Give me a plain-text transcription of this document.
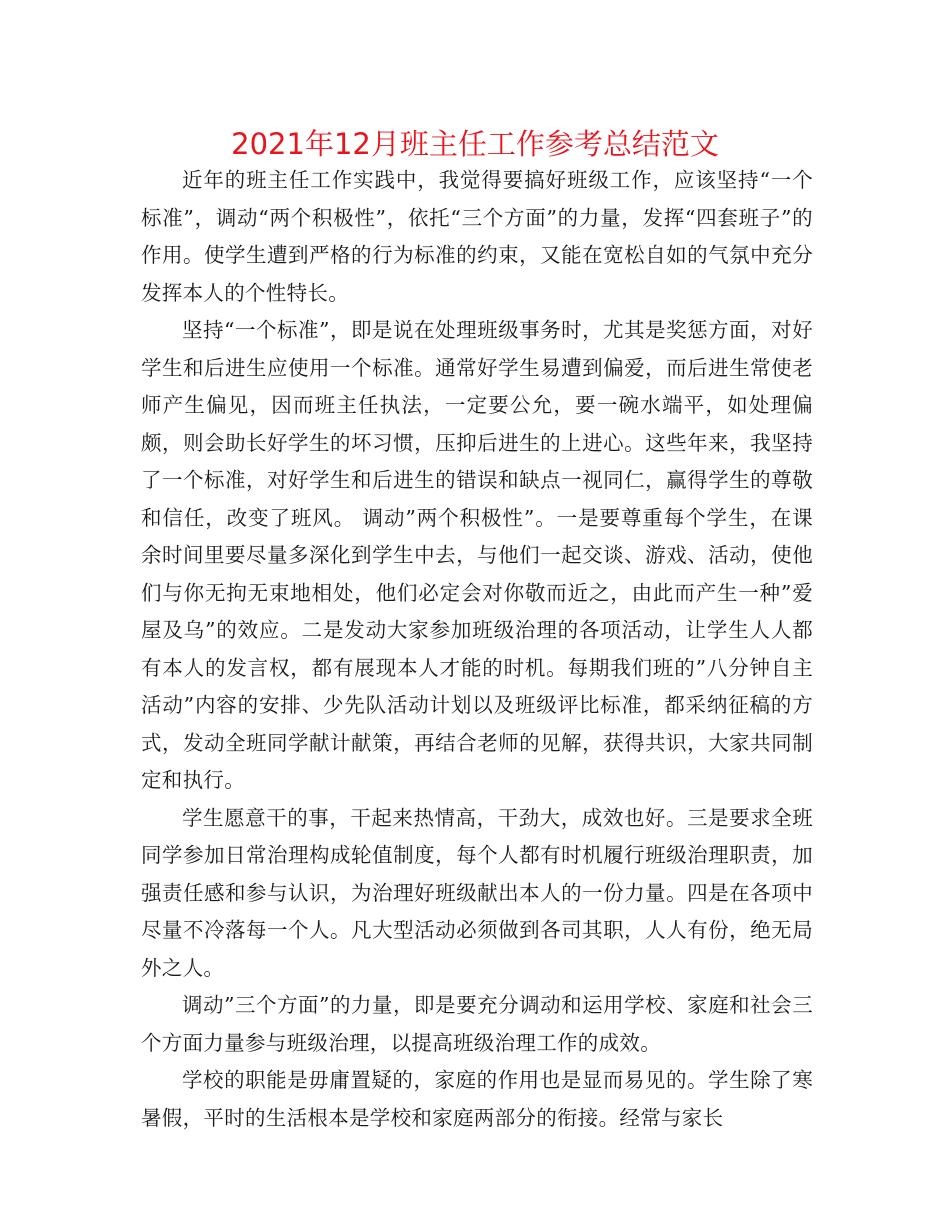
2021年12月班主任工作参考总结范文

近年的班主任工作实践中，我觉得要搞好班级工作，应该坚持“一个标准”，调动“两个积极性”，依托“三个方面”的力量，发挥“四套班子”的作用。使学生遭到严格的行为标准的约束，又能在宽松自如的气氛中充分发挥本人的个性特长。

坚持“一个标准”，即是说在处理班级事务时，尤其是奖惩方面，对好学生和后进生应使用一个标准。通常好学生易遭到偏爱，而后进生常使老师产生偏见，因而班主任执法，一定要公允，要一碗水端平，如处理偏颇，则会助长好学生的坏习惯，压抑后进生的上进心。这些年来，我坚持了一个标准，对好学生和后进生的错误和缺点一视同仁，赢得学生的尊敬和信任，改变了班风。 调动”两个积极性”。一是要尊重每个学生，在课余时间里要尽量多深化到学生中去，与他们一起交谈、游戏、活动，使他们与你无拘无束地相处，他们必定会对你敬而近之，由此而产生一种”爱屋及乌”的效应。二是发动大家参加班级治理的各项活动，让学生人人都有本人的发言权，都有展现本人才能的时机。每期我们班的”八分钟自主活动”内容的安排、少先队活动计划以及班级评比标准，都采纳征稿的方式，发动全班同学献计献策，再结合老师的见解，获得共识，大家共同制定和执行。

学生愿意干的事，干起来热情高，干劲大，成效也好。三是要求全班同学参加日常治理构成轮值制度，每个人都有时机履行班级治理职责，加强责任感和参与认识，为治理好班级献出本人的一份力量。四是在各项中尽量不冷落每一个人。凡大型活动必须做到各司其职，人人有份，绝无局外之人。

调动”三个方面”的力量，即是要充分调动和运用学校、家庭和社会三个方面力量参与班级治理，以提高班级治理工作的成效。

学校的职能是毋庸置疑的，家庭的作用也是显而易见的。学生除了寒暑假，平时的生活根本是学校和家庭两部分的衔接。经常与家长
